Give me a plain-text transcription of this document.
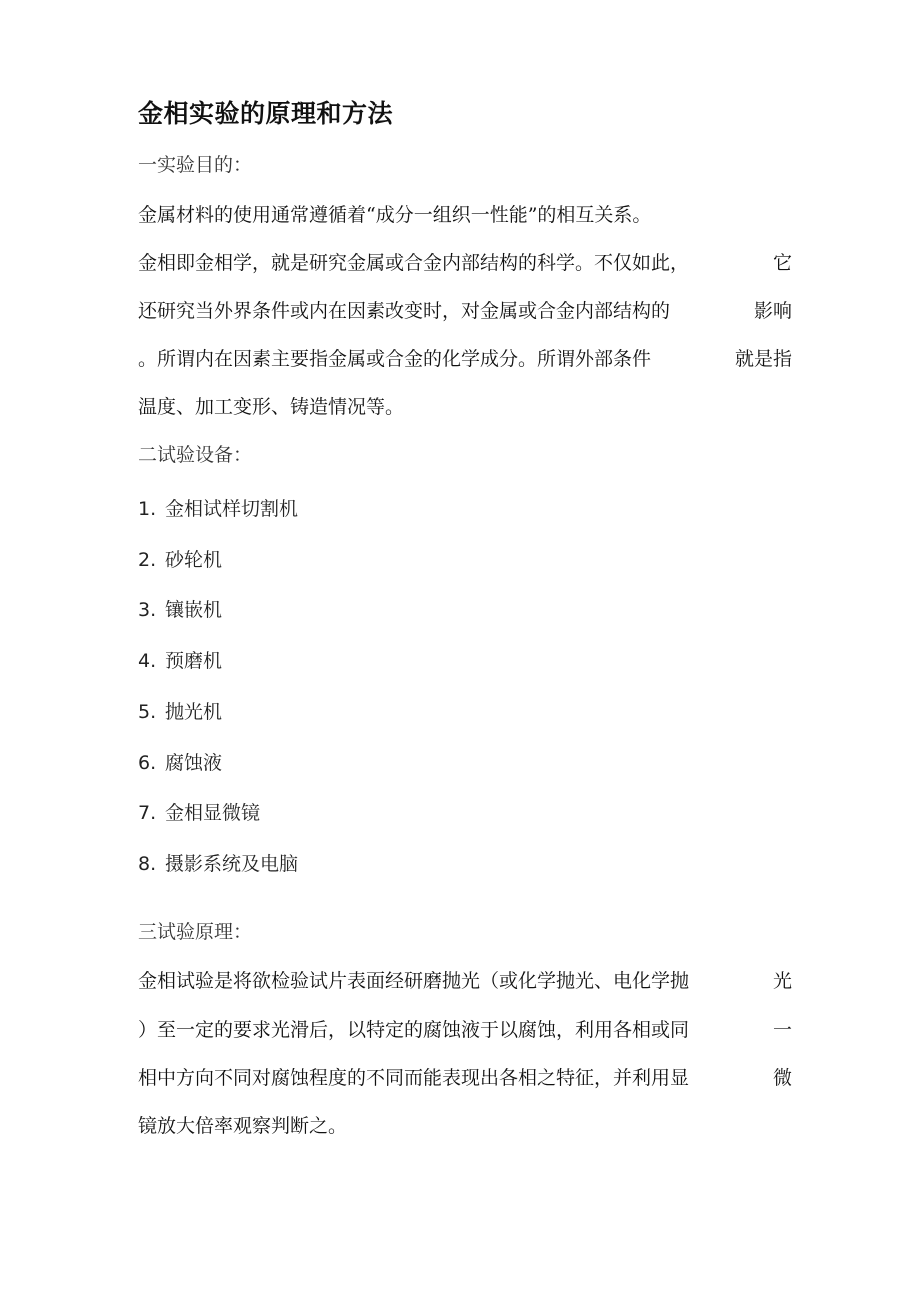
金相实验的原理和方法
一实验目的：
金属材料的使用通常遵循着“成分一组织一性能”的相互关系。
金相即金相学，就是研究金属或合金内部结构的科学。不仅如此，	它
还研究当外界条件或内在因素改变时，对金属或合金内部结构的	影响
。所谓内在因素主要指金属或合金的化学成分。所谓外部条件	就是指
温度、加工变形、铸造情况等。
二试验设备：
1. 金相试样切割机
2. 砂轮机
3. 镶嵌机
4. 预磨机
5. 抛光机
6. 腐蚀液
7. 金相显微镜
8. 摄影系统及电脑
三试验原理：
金相试验是将欲检验试片表面经研磨抛光（或化学抛光、电化学抛	光
）至一定的要求光滑后，以特定的腐蚀液于以腐蚀，利用各相或同	一
相中方向不同对腐蚀程度的不同而能表现出各相之特征，并利用显	微
镜放大倍率观察判断之。
